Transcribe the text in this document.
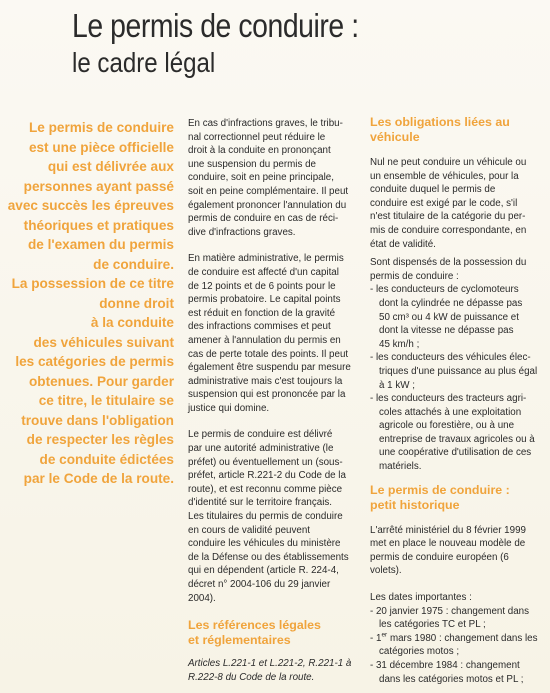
Le permis de conduire :
le cadre légal
Le permis de conduire
est une pièce officielle
qui est délivrée aux
personnes ayant passé
avec succès les épreuves
théoriques et pratiques
de l'examen du permis
de conduire.
La possession de ce titre
donne droit
à la conduite
des véhicules suivant
les catégories de permis
obtenues. Pour garder
ce titre, le titulaire se
trouve dans l'obligation
de respecter les règles
de conduite édictées
par le Code de la route.

En cas d'infractions graves, le tribu-

nal correctionnel peut réduire le

droit à la conduite en prononçant

une suspension du permis de

conduire, soit en peine principale,

soit en peine complémentaire. Il peut

également prononcer l'annulation du

permis de conduire en cas de réci-

dive d'infractions graves.

En matière administrative, le permis

de conduire est affecté d'un capital

de 12 points et de 6 points pour le

permis probatoire. Le capital points

est réduit en fonction de la gravité

des infractions commises et peut

amener à l'annulation du permis en

cas de perte totale des points. Il peut

également être suspendu par mesure

administrative mais c'est toujours la

suspension qui est prononcée par la

justice qui domine.

Le permis de conduire est délivré

par une autorité administrative (le

préfet) ou éventuellement un (sous-

préfet, article R.221-2 du Code de la

route), et est reconnu comme pièce

d'identité sur le territoire français.

Les titulaires du permis de conduire

en cours de validité peuvent

conduire les véhicules du ministère

de la Défense ou des établissements

qui en dépendent (article R. 224-4,

décret n° 2004-106 du 29 janvier

2004).

Les références légales

et réglementaires

Articles L.221-1 et L.221-2, R.221-1 à

R.222-8 du Code de la route.

Les obligations liées au

véhicule

Nul ne peut conduire un véhicule ou

un ensemble de véhicules, pour la

conduite duquel le permis de

conduire est exigé par le code, s'il

n'est titulaire de la catégorie du per-

mis de conduire correspondante, en

état de validité.

Sont dispensés de la possession du

permis de conduire :

- les conducteurs de cyclomoteurs

dont la cylindrée ne dépasse pas

50 cm³ ou 4 kW de puissance et

dont la vitesse ne dépasse pas

45 km/h ;

- les conducteurs des véhicules élec-

triques d'une puissance au plus égal

à 1 kW ;

- les conducteurs des tracteurs agri-

coles attachés à une exploitation

agricole ou forestière, ou à une

entreprise de travaux agricoles ou à

une coopérative d'utilisation de ces

matériels.

Le permis de conduire :

petit historique

L'arrêté ministériel du 8 février 1999

met en place le nouveau modèle de

permis de conduire européen (6

volets).

Les dates importantes :

- 20 janvier 1975 : changement dans

les catégories TC et PL ;

- 1er mars 1980 : changement dans les

catégories motos ;

- 31 décembre 1984 : changement

dans les catégories motos et PL ;
